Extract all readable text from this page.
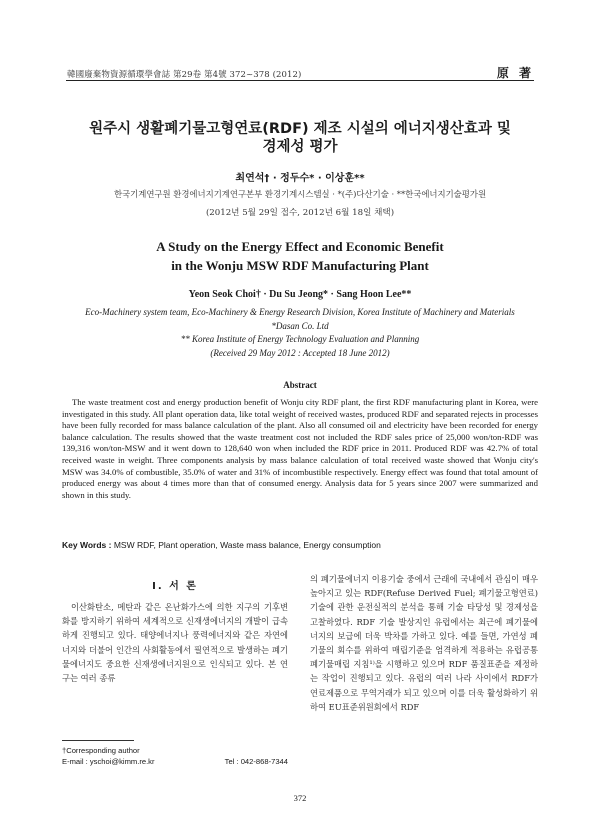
韓國廢棄物資源循環學會誌 第29卷 第4號 372~378 (2012)	原 著
원주시 생활폐기물고형연료(RDF) 제조 시설의 에너지생산효과 및
경제성 평가
최연석† · 정두수* · 이상훈**
한국기계연구원 환경에너지기계연구본부 환경기계시스템실 · *(주)다산기술 · **한국에너지기술평가원
(2012년 5월 29일 접수, 2012년 6월 18일 채택)
A Study on the Energy Effect and Economic Benefit
in the Wonju MSW RDF Manufacturing Plant
Yeon Seok Choi† · Du Su Jeong* · Sang Hoon Lee**
Eco-Machinery system team, Eco-Machinery & Energy Research Division, Korea Institute of Machinery and Materials
*Dasan Co. Ltd
** Korea Institute of Energy Technology Evaluation and Planning
(Received 29 May 2012 : Accepted 18 June 2012)
Abstract
The waste treatment cost and energy production benefit of Wonju city RDF plant, the first RDF manufacturing plant in Korea, were investigated in this study. All plant operation data, like total weight of received wastes, produced RDF and separated rejects in processes have been fully recorded for mass balance calculation of the plant. Also all consumed oil and electricity have been recorded for energy balance calculation. The results showed that the waste treatment cost not included the RDF sales price of 25,000 won/ton-RDF was 139,316 won/ton-MSW and it went down to 128,640 won when included the RDF price in 2011. Produced RDF was 42.7% of total received waste in weight. Three components analysis by mass balance calculation of total received waste showed that Wonju city's MSW was 34.0% of combustible, 35.0% of water and 31% of incombustible respectively. Energy effect was found that total amount of produced energy was about 4 times more than that of consumed energy. Analysis data for 5 years since 2007 were summarized and shown in this study.
Key Words : MSW RDF, Plant operation, Waste mass balance, Energy consumption
I. 서 론
이산화탄소, 메탄과 같은 온난화가스에 의한 지구의 기후변화를 방지하기 위하여 세계적으로 신재생에너지의 개발이 급속하게 진행되고 있다. 태양에너지나 풍력에너지와 같은 자연에너지와 더불어 인간의 사회활동에서 필연적으로 발생하는 폐기물에너지도 중요한 신재생에너지원으로 인식되고 있다. 본 연구는 여러 종류
의 폐기물에너지 이용기술 중에서 근래에 국내에서 관심이 매우 높아지고 있는 RDF(Refuse Derived Fuel; 폐기물고형연료)기술에 관한 운전실적의 분석을 통해 기술 타당성 및 경제성을 고찰하였다. RDF 기술 발상지인 유럽에서는 최근에 폐기물에너지의 보급에 더욱 박차를 가하고 있다. 예를 들면, 가연성 폐기물의 회수를 위하여 매립기준을 엄격하게 적용하는 유럽공통 폐기물매립 지침¹⁾을 시행하고 있으며 RDF 품질표준을 제정하는 작업이 진행되고 있다. 유럽의 여러 나라 사이에서 RDF가 연료제품으로 무역거래가 되고 있으며 이를 더욱 활성화하기 위하여 EU표준위원회에서 RDF
†Corresponding author
E-mail : yschoi@kimm.re.kr	Tel : 042-868-7344
372
